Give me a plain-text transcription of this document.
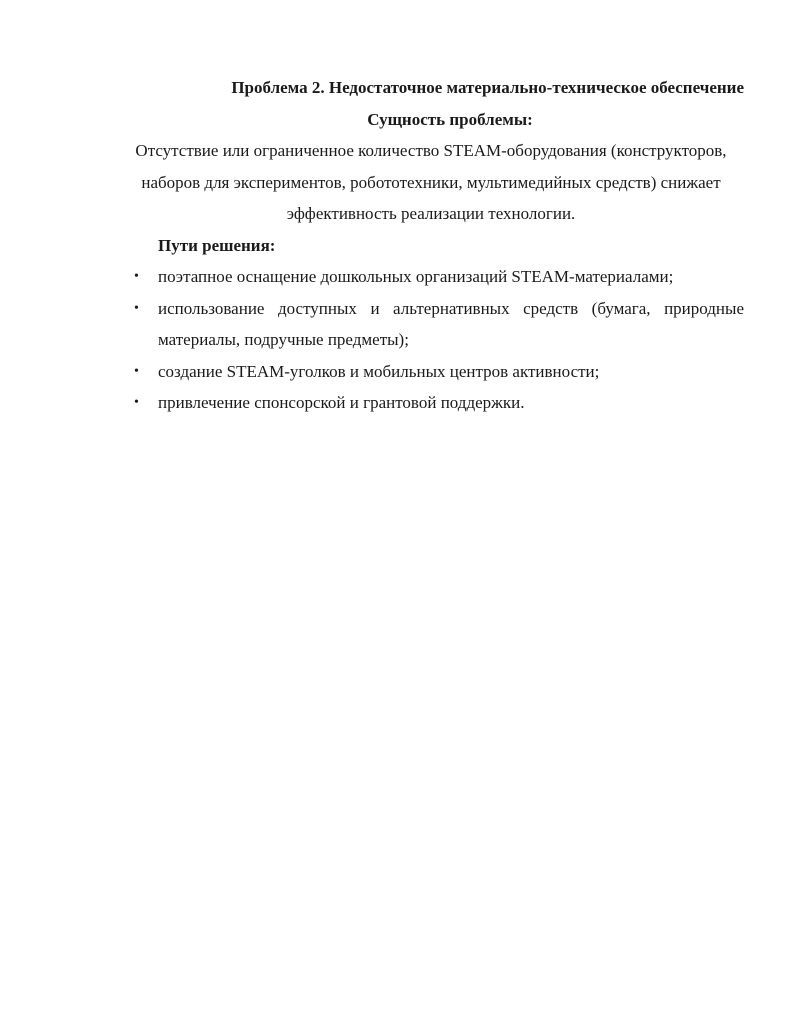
Проблема 2. Недостаточное материально-техническое обеспечение

Сущность проблемы:

Отсутствие или ограниченное количество STEAM-оборудования (конструкторов, наборов для экспериментов, робототехники, мультимедийных средств) снижает эффективность реализации технологии.

Пути решения:

• поэтапное оснащение дошкольных организаций STEAM-материалами;
• использование доступных и альтернативных средств (бумага, природные материалы, подручные предметы);
• создание STEAM-уголков и мобильных центров активности;
• привлечение спонсорской и грантовой поддержки.
